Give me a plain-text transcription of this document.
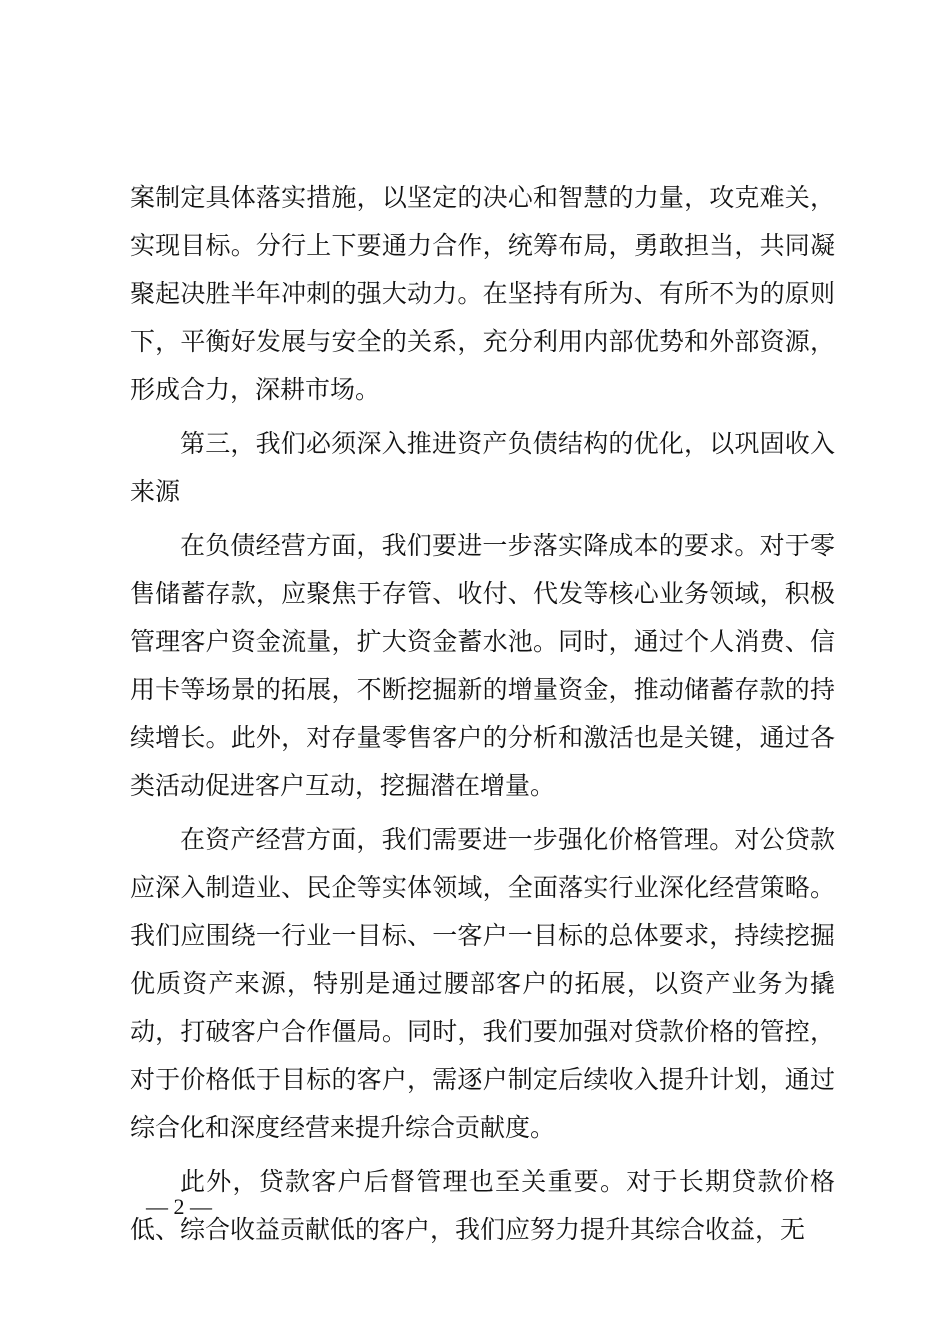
案制定具体落实措施，以坚定的决心和智慧的力量，攻克难关，实现目标。分行上下要通力合作，统筹布局，勇敢担当，共同凝聚起决胜半年冲刺的强大动力。在坚持有所为、有所不为的原则下，平衡好发展与安全的关系，充分利用内部优势和外部资源，形成合力，深耕市场。

第三，我们必须深入推进资产负债结构的优化，以巩固收入来源

在负债经营方面，我们要进一步落实降成本的要求。对于零售储蓄存款，应聚焦于存管、收付、代发等核心业务领域，积极管理客户资金流量，扩大资金蓄水池。同时，通过个人消费、信用卡等场景的拓展，不断挖掘新的增量资金，推动储蓄存款的持续增长。此外，对存量零售客户的分析和激活也是关键，通过各类活动促进客户互动，挖掘潜在增量。

在资产经营方面，我们需要进一步强化价格管理。对公贷款应深入制造业、民企等实体领域，全面落实行业深化经营策略。我们应围绕一行业一目标、一客户一目标的总体要求，持续挖掘优质资产来源，特别是通过腰部客户的拓展，以资产业务为撬动，打破客户合作僵局。同时，我们要加强对贷款价格的管控，对于价格低于目标的客户，需逐户制定后续收入提升计划，通过综合化和深度经营来提升综合贡献度。

此外，贷款客户后督管理也至关重要。对于长期贷款价格低、综合收益贡献低的客户，我们应努力提升其综合收益，无

— 2 —
